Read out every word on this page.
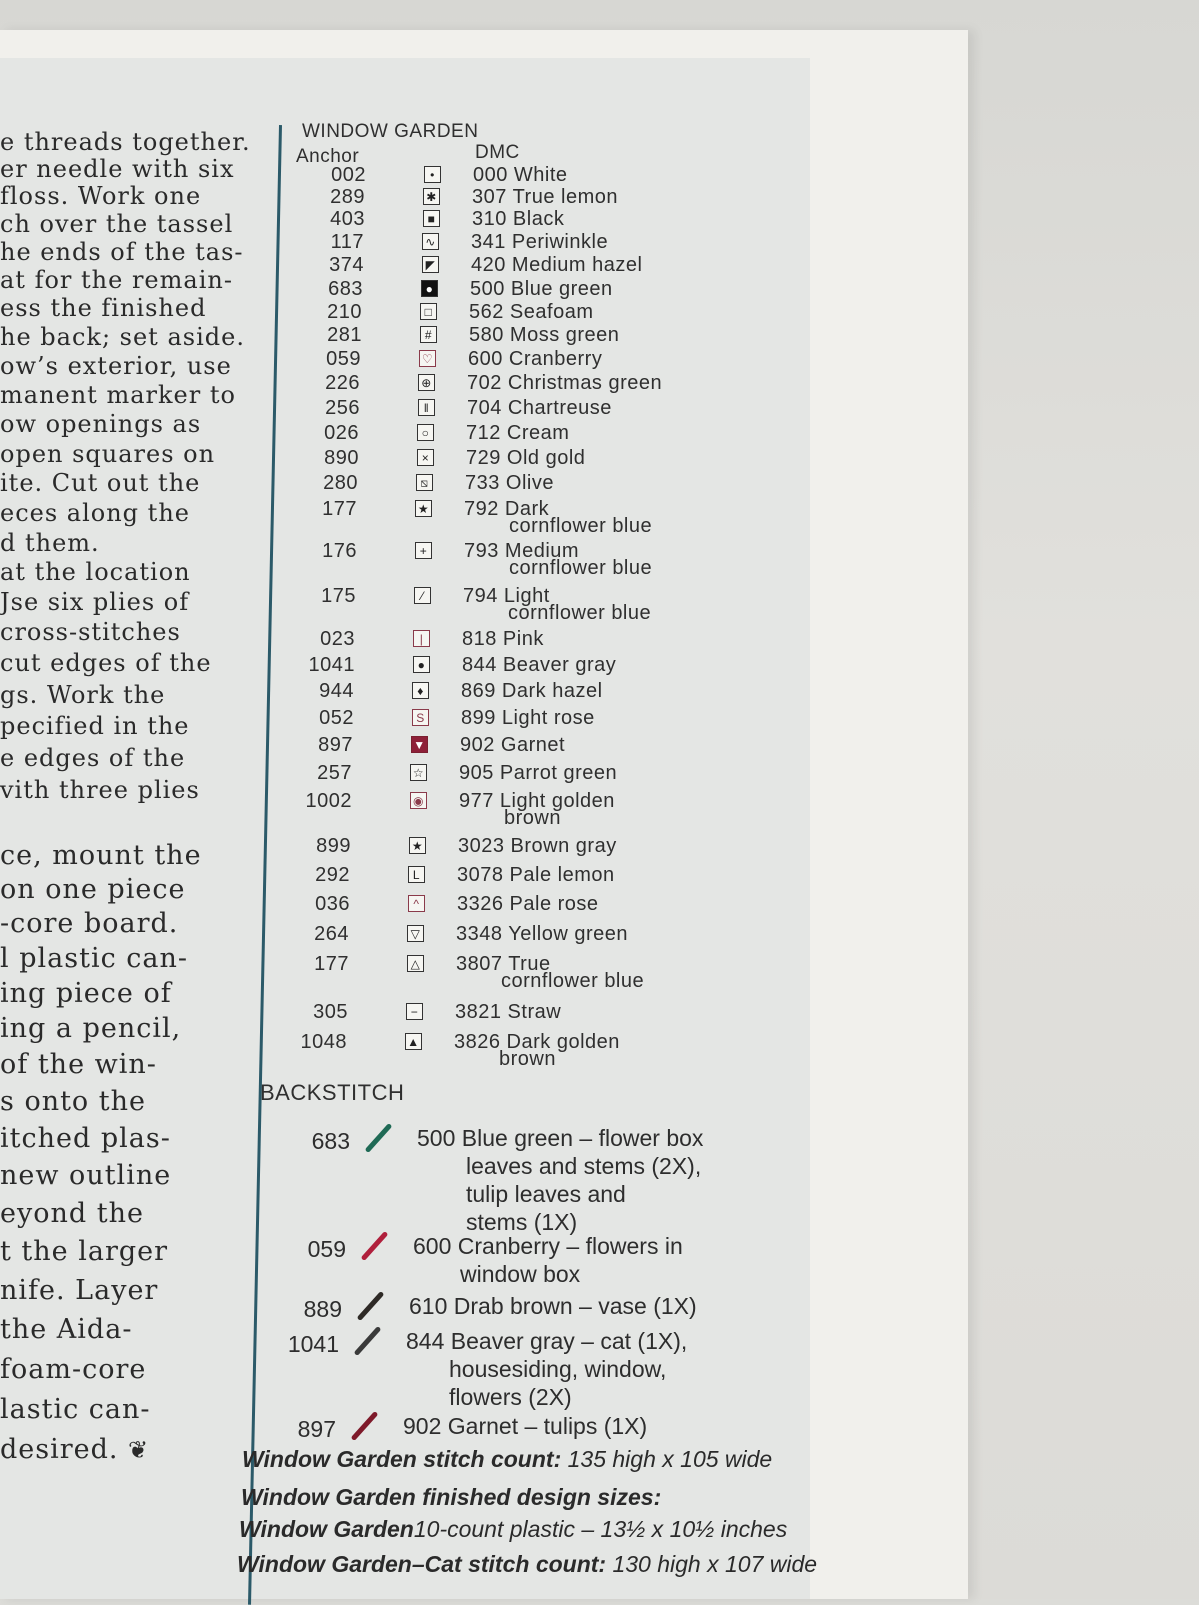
e threads together.
er needle with six
floss. Work one
ch over the tassel
he ends of the tas-
at for the remain-
ess the finished
he back; set aside.
ow’s exterior, use
manent marker to
ow openings as
open squares on
ite. Cut out the
eces along the
d them.
at the location
Jse six plies of
cross-stitches
cut edges of the
gs. Work the
pecified in the
e edges of the
vith three plies
ce, mount the
on one piece
-core board.
l plastic can-
ing piece of
ing a pencil,
of the win-
s onto the
itched plas-
new outline
eyond the
t the larger
nife. Layer
the Aida-
foam-core
lastic can-
desired. ❦
WINDOW GARDEN
Anchor	DMC
002	•	000 White
289	✱ 307 True lemon
403	■ 310 Black
117	∿ 341 Periwinkle
374	◤ 420 Medium hazel
683	● 500 Blue green
210	□ 562 Seafoam
281	# 580 Moss green
059	♡ 600 Cranberry
226	⊕ 702 Christmas green
256	‖ 704 Chartreuse
026	○ 712 Cream
890	× 729 Old gold
280	⧅ 733 Olive
177	★ 792 Dark
cornflower blue
176	+ 793 Medium
cornflower blue
175	⁄	794 Light
cornflower blue
023	|	818 Pink
1041	● 844 Beaver gray
944	♦ 869 Dark hazel
052	S 899 Light rose
897	▼ 902 Garnet
257	☆ 905 Parrot green
1002	◉ 977 Light golden
brown
899	★ 3023 Brown gray
292	L 3078 Pale lemon
036	^ 3326 Pale rose
264	▽ 3348 Yellow green
177	△ 3807 True
cornflower blue
305	− 3821 Straw
1048	▲ 3826 Dark golden
brown
BACKSTITCH
683	500 Blue green – flower box
leaves and stems (2X),
tulip leaves and
stems (1X)
059	600 Cranberry – flowers in
window box
889	610 Drab brown – vase (1X)
1041	844 Beaver gray – cat (1X),
housesiding, window,
flowers (2X)
897	902 Garnet – tulips (1X)
Window Garden stitch count: 135 high x 105 wide
Window Garden finished design sizes:
Window Garden10-count plastic – 13½ x 10½ inches
Window Garden–Cat stitch count: 130 high x 107 wide
